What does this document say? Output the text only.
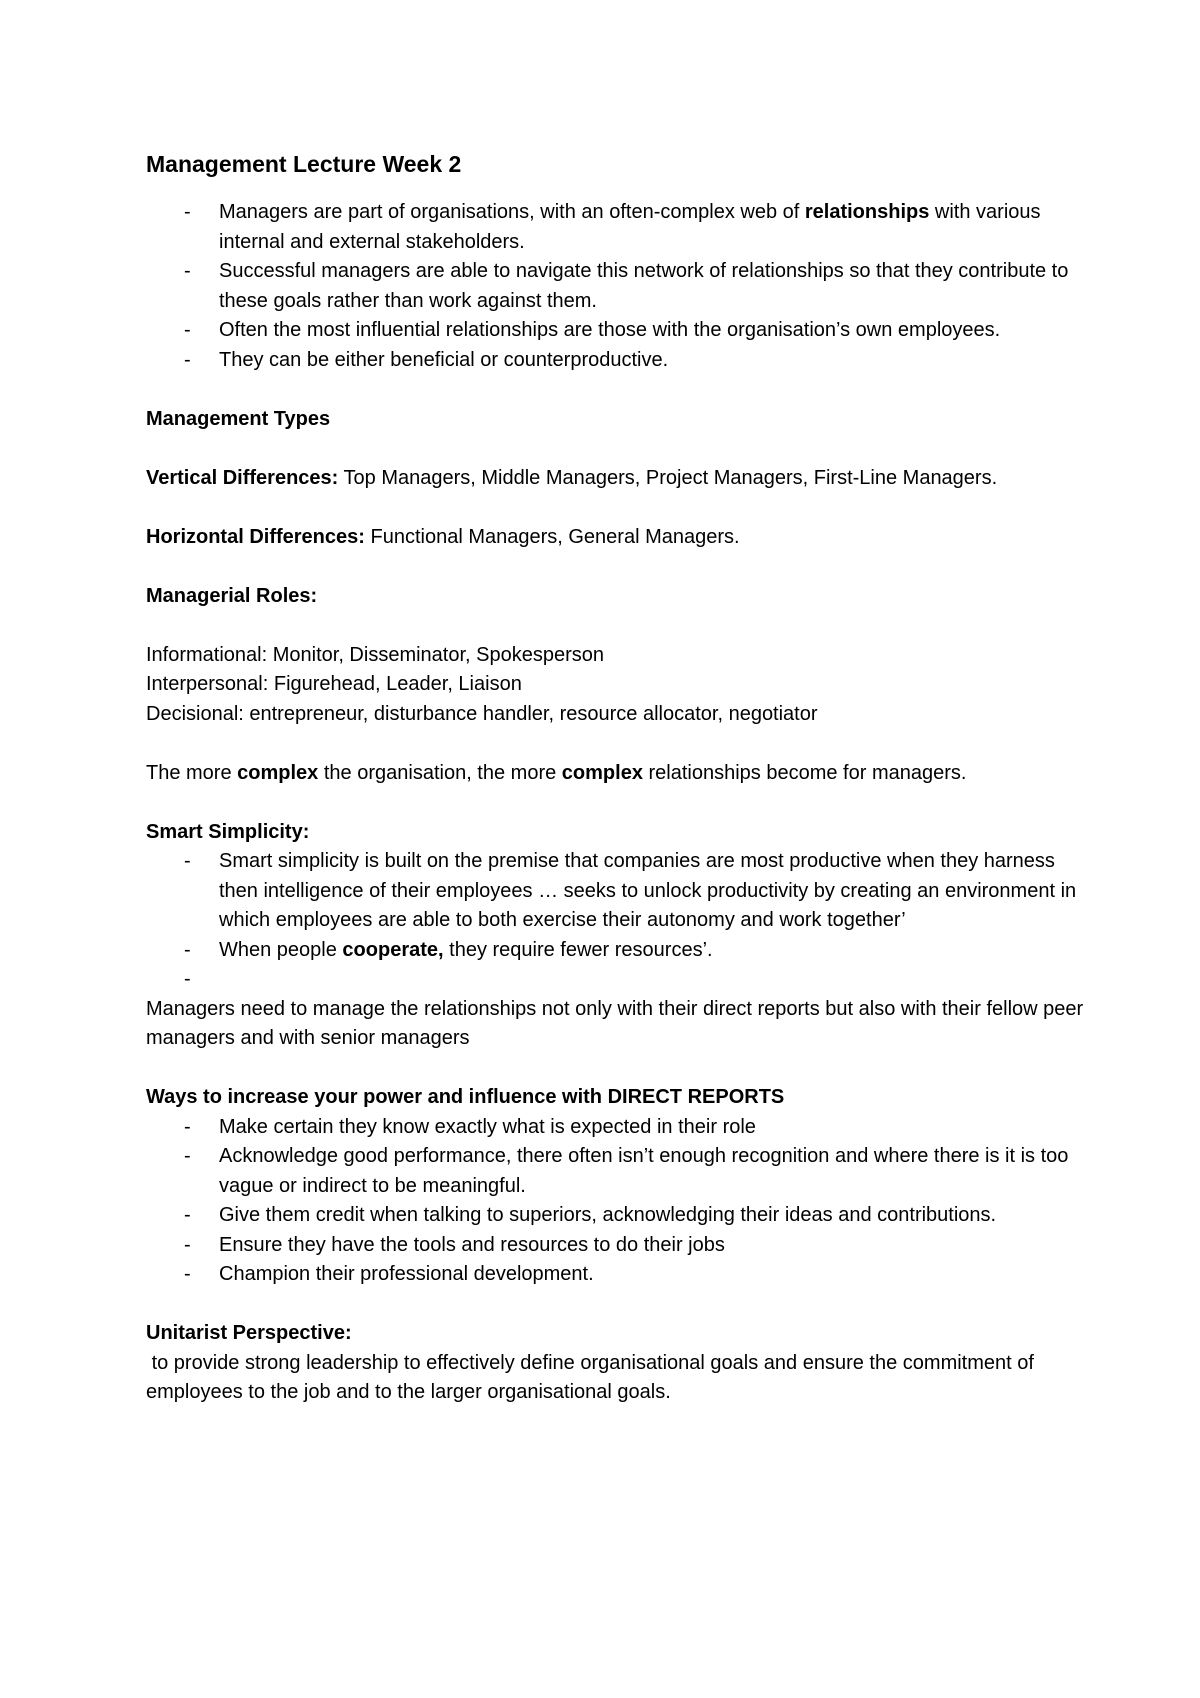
Management Lecture Week 2
- Managers are part of organisations, with an often-complex web of relationships with various internal and external stakeholders.
- Successful managers are able to navigate this network of relationships so that they contribute to these goals rather than work against them.
- Often the most influential relationships are those with the organisation’s own employees.
- They can be either beneficial or counterproductive.

Management Types

Vertical Differences: Top Managers, Middle Managers, Project Managers, First-Line Managers.

Horizontal Differences: Functional Managers, General Managers.

Managerial Roles:

Informational: Monitor, Disseminator, Spokesperson

Interpersonal: Figurehead, Leader, Liaison

Decisional: entrepreneur, disturbance handler, resource allocator, negotiator

The more complex the organisation, the more complex relationships become for managers.

Smart Simplicity:

- Smart simplicity is built on the premise that companies are most productive when they harness then intelligence of their employees … seeks to unlock productivity by creating an environment in which employees are able to both exercise their autonomy and work together’
- When people cooperate, they require fewer resources’.
-

Managers need to manage the relationships not only with their direct reports but also with their fellow peer managers and with senior managers

Ways to increase your power and influence with DIRECT REPORTS

- Make certain they know exactly what is expected in their role
- Acknowledge good performance, there often isn’t enough recognition and where there is it is too vague or indirect to be meaningful.
- Give them credit when talking to superiors, acknowledging their ideas and contributions.
- Ensure they have the tools and resources to do their jobs
- Champion their professional development.

Unitarist Perspective:

to provide strong leadership to effectively define organisational goals and ensure the commitment of employees to the job and to the larger organisational goals.
